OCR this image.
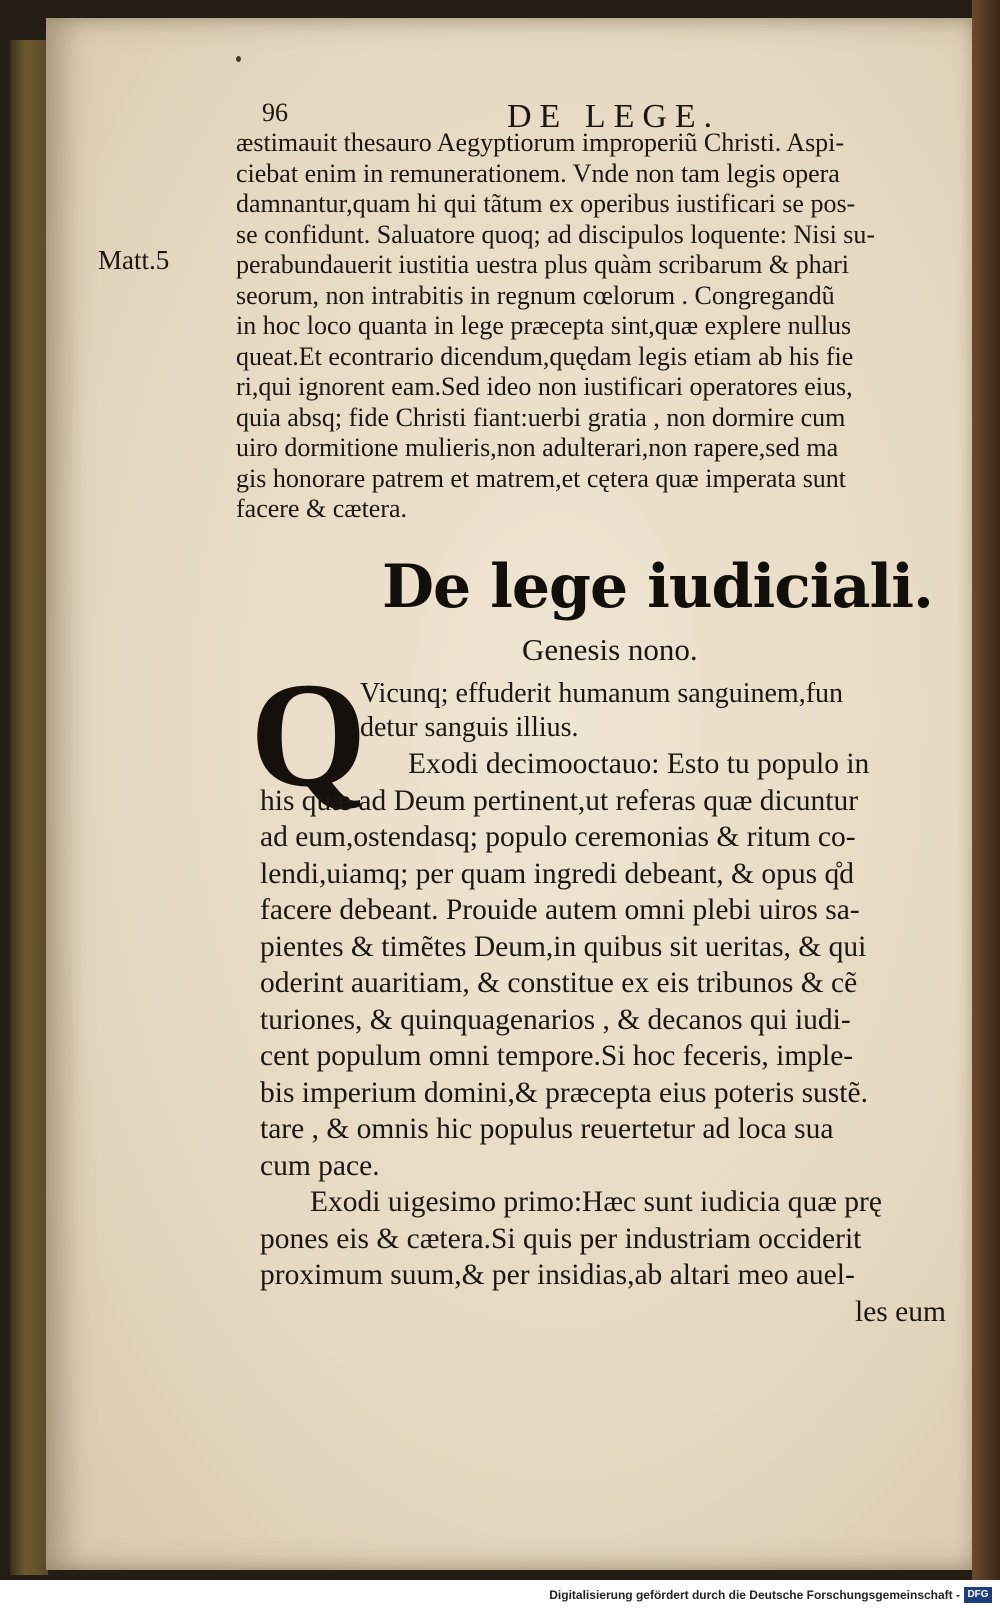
96	DE LEGE.
Matt.5
æstimauit thesauro Aegyptiorum improperiũ Christi. Aspi-
ciebat enim in remunerationem. Vnde non tam legis opera
damnantur,quam hi qui tãtum ex operibus iustificari se pos-
se confidunt. Saluatore quoq; ad discipulos loquente: Nisi su-
perabundauerit iustitia uestra plus quàm scribarum & phari
seorum, non intrabitis in regnum cœlorum . Congregandũ
in hoc loco quanta in lege præcepta sint,quæ explere nullus
queat.Et econtrario dicendum,quędam legis etiam ab his fie
ri,qui ignorent eam.Sed ideo non iustificari operatores eius,
quia absq; fide Christi fiant:uerbi gratia , non dormire cum
uiro dormitione mulieris,non adulterari,non rapere,sed ma
gis honorare patrem et matrem,et cętera quæ imperata sunt
facere & cætera.
De lege iudiciali.
Genesis nono.
Q
Vicunq; effuderit humanum sanguinem,fun
detur sanguis illius.
Exodi decimooctauo: Esto tu populo in
his quæ ad Deum pertinent,ut referas quæ dicuntur
ad eum,ostendasq; populo ceremonias & ritum co-
lendi,uiamq; per quam ingredi debeant, & opus q̊d
facere debeant. Prouide autem omni plebi uiros sa-
pientes & timẽtes Deum,in quibus sit ueritas, & qui
oderint auaritiam, & constitue ex eis tribunos & cẽ
turiones, & quinquagenarios , & decanos qui iudi-
cent populum omni tempore.Si hoc feceris, imple-
bis imperium domini,& præcepta eius poteris sustẽ.
tare , & omnis hic populus reuertetur ad loca sua
cum pace.
Exodi uigesimo primo:Hæc sunt iudicia quæ prę
pones eis & cætera.Si quis per industriam occiderit
proximum suum,& per insidias,ab altari meo auel-
les eum
Digitalisierung gefördert durch die Deutsche Forschungsgemeinschaft - DFG
